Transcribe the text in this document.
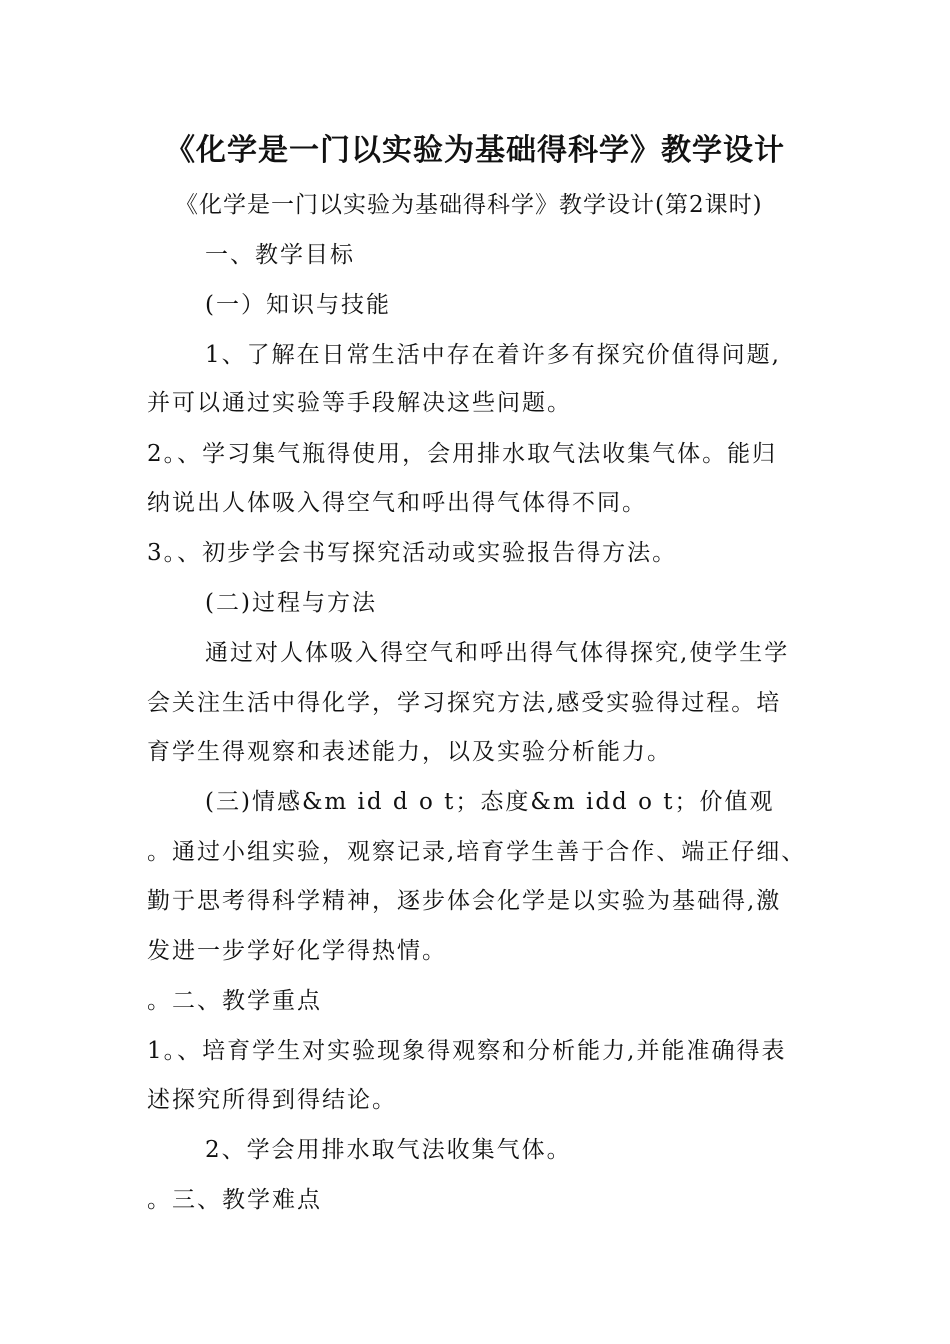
《化学是一门以实验为基础得科学》教学设计
《化学是一门以实验为基础得科学》教学设计(第2课时)
一、教学目标
(一）知识与技能
1、了解在日常生活中存在着许多有探究价值得问题,
并可以通过实验等手段解决这些问题。
2。、学习集气瓶得使用，会用排水取气法收集气体。能归
纳说出人体吸入得空气和呼出得气体得不同。
3。、初步学会书写探究活动或实验报告得方法。
(二)过程与方法
通过对人体吸入得空气和呼出得气体得探究,使学生学
会关注生活中得化学，学习探究方法,感受实验得过程。培
育学生得观察和表述能力，以及实验分析能力。
(三)情感&m id d o t；态度&m idd o t；价值观
。通过小组实验，观察记录,培育学生善于合作、端正仔细、
勤于思考得科学精神，逐步体会化学是以实验为基础得,激
发进一步学好化学得热情。
。二、教学重点
1。、培育学生对实验现象得观察和分析能力,并能准确得表
述探究所得到得结论。
2、学会用排水取气法收集气体。
。三、教学难点
